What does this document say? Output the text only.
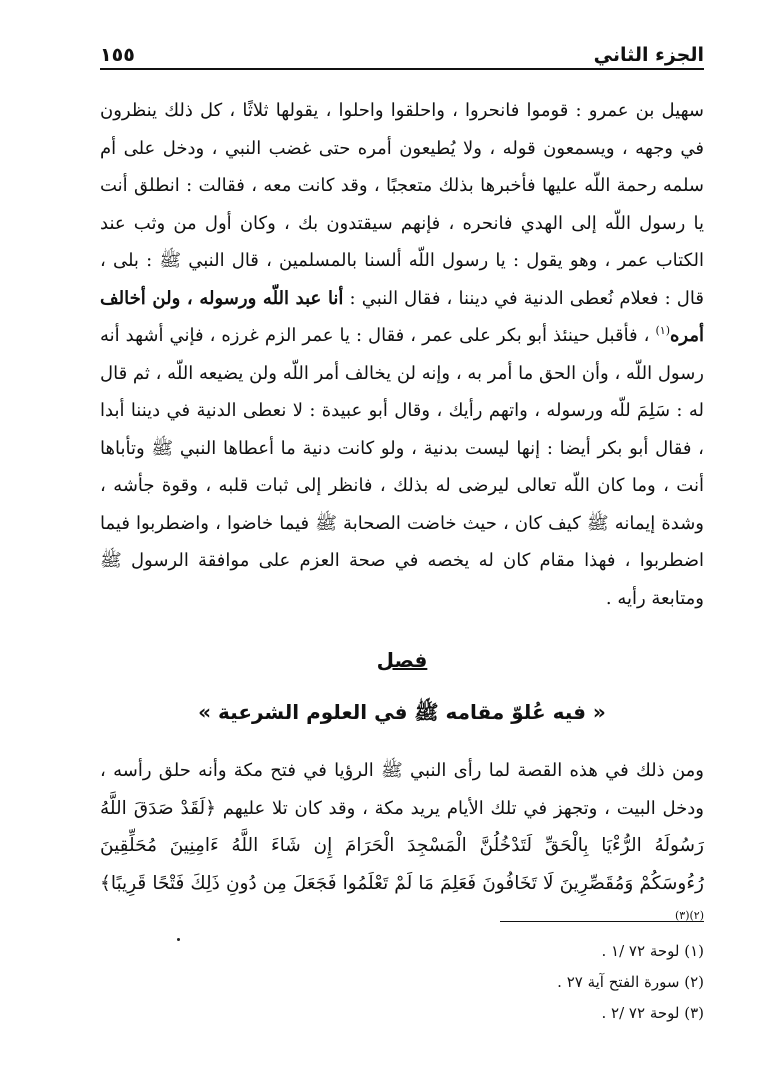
الجزء الثاني
١٥٥

سهيل بن عمرو : قوموا فانحروا ، واحلقوا واحلوا ، يقولها ثلاثًا ، كل ذلك ينظرون في وجهه ، ويسمعون قوله ، ولا يُطيعون أمره حتى غضب النبي ، ودخل على أم سلمه رحمة اللّه عليها فأخبرها بذلك متعجبًا ، وقد كانت معه ، فقالت : انطلق أنت يا رسول اللّه إلى الهدي فانحره ، فإنهم سيقتدون بك ، وكان أول من وثب عند الكتاب عمر ، وهو يقول : يا رسول اللّه ألسنا بالمسلمين ، قال النبي ﷺ : بلى ، قال : فعلام نُعطى الدنية في ديننا ، فقال النبي : أنا عبد اللّه ورسوله ، ولن أخالف أمره$^{(١)}$ ، فأقبل حينئذ أبو بكر على عمر ، فقال : يا عمر الزم غرزه ، فإني أشهد أنه رسول اللّه ، وأن الحق ما أمر به ، وإنه لن يخالف أمر اللّه ولن يضيعه اللّه ، ثم قال له : سَلِمَ للّه ورسوله ، واتهم رأيك ، وقال أبو عبيدة : لا نعطى الدنية في ديننا أبدا ، فقال أبو بكر أيضا : إنها ليست بدنية ، ولو كانت دنية ما أعطاها النبي ﷺ وتأباها أنت ، وما كان اللّه تعالى ليرضى له بذلك ، فانظر إلى ثبات قلبه ، وقوة جأشه ، وشدة إيمانه ﷺ كيف كان ، حيث خاضت الصحابة ﷺ فيما خاضوا ، واضطربوا فيما اضطربوا ، فهذا مقام كان له يخصه في صحة العزم على موافقة الرسول ﷺ ومتابعة رأيه .

فصل
« فيه عُلوّ مقامه ﷺ في العلوم الشرعية »

ومن ذلك في هذه القصة لما رأى النبي ﷺ الرؤيا في فتح مكة وأنه حلق رأسه ، ودخل البيت ، وتجهز في تلك الأيام يريد مكة ، وقد كان تلا عليهم ﴿لَقَدْ صَدَقَ اللَّهُ رَسُولَهُ الرُّءْيَا بِالْحَقِّ لَتَدْخُلُنَّ الْمَسْجِدَ الْحَرَامَ إِن شَاءَ اللَّهُ ءَامِنِينَ مُحَلِّقِينَ رُءُوسَكُمْ وَمُقَصِّرِينَ لَا تَخَافُونَ فَعَلِمَ مَا لَمْ تَعْلَمُوا فَجَعَلَ مِن دُونِ ذَلِكَ فَتْحًا قَرِيبًا﴾$^{(٢)(٣)}$

(١) لوحة ٧٢ /١ .
(٢) سورة الفتح آية ٢٧ .
(٣) لوحة ٧٢ /٢ .
